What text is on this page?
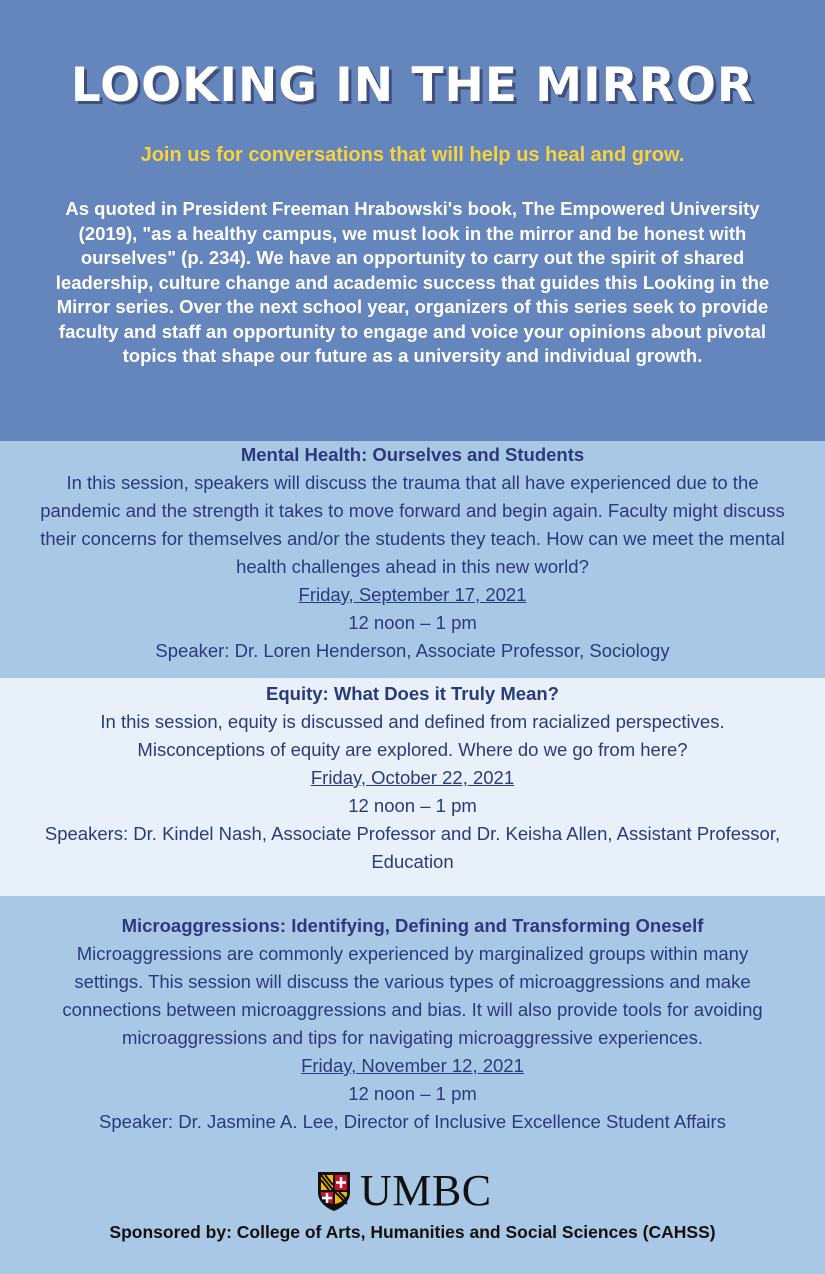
LOOKING IN THE MIRROR
Join us for conversations that will help us heal and grow.
As quoted in President Freeman Hrabowski's book, The Empowered University (2019), "as a healthy campus, we must look in the mirror and be honest with ourselves" (p. 234). We have an opportunity to carry out the spirit of shared leadership, culture change and academic success that guides this Looking in the Mirror series. Over the next school year, organizers of this series seek to provide faculty and staff an opportunity to engage and voice your opinions about pivotal topics that shape our future as a university and individual growth.
Mental Health: Ourselves and Students
In this session, speakers will discuss the trauma that all have experienced due to the pandemic and the strength it takes to move forward and begin again. Faculty might discuss their concerns for themselves and/or the students they teach. How can we meet the mental health challenges ahead in this new world?
Friday, September 17, 2021
12 noon – 1 pm
Speaker: Dr. Loren Henderson, Associate Professor, Sociology
Equity: What Does it Truly Mean?
In this session, equity is discussed and defined from racialized perspectives. Misconceptions of equity are explored. Where do we go from here?
Friday, October 22, 2021
12 noon – 1 pm
Speakers: Dr. Kindel Nash, Associate Professor and Dr. Keisha Allen, Assistant Professor, Education
Microaggressions: Identifying, Defining and Transforming Oneself
Microaggressions are commonly experienced by marginalized groups within many settings. This session will discuss the various types of microaggressions and make connections between microaggressions and bias. It will also provide tools for avoiding microaggressions and tips for navigating microaggressive experiences.
Friday, November 12, 2021
12 noon – 1 pm
Speaker: Dr. Jasmine A. Lee, Director of Inclusive Excellence Student Affairs
UMBC
Sponsored by: College of Arts, Humanities and Social Sciences (CAHSS)
